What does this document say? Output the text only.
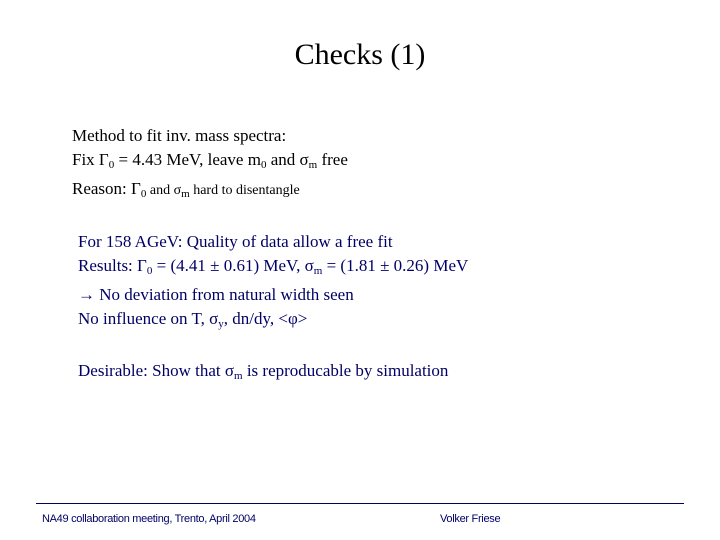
Checks (1)
Method to fit inv. mass spectra:
Fix $\Gamma_0 = 4.43$ MeV, leave $m_0$ and $\sigma_m$ free
Reason: $\Gamma_0$ and $\sigma_m$ hard to disentangle
For 158 AGeV: Quality of data allow a free fit
Results: $\Gamma_0 = (4.41 \pm 0.61)$ MeV, $\sigma_m = (1.81 \pm 0.26)$ MeV
→ No deviation from natural width seen
No influence on T, $\sigma_y$, dn/dy, <φ>
Desirable: Show that $\sigma_m$ is reproducable by simulation
NA49 collaboration meeting, Trento, April 2004	Volker Friese
